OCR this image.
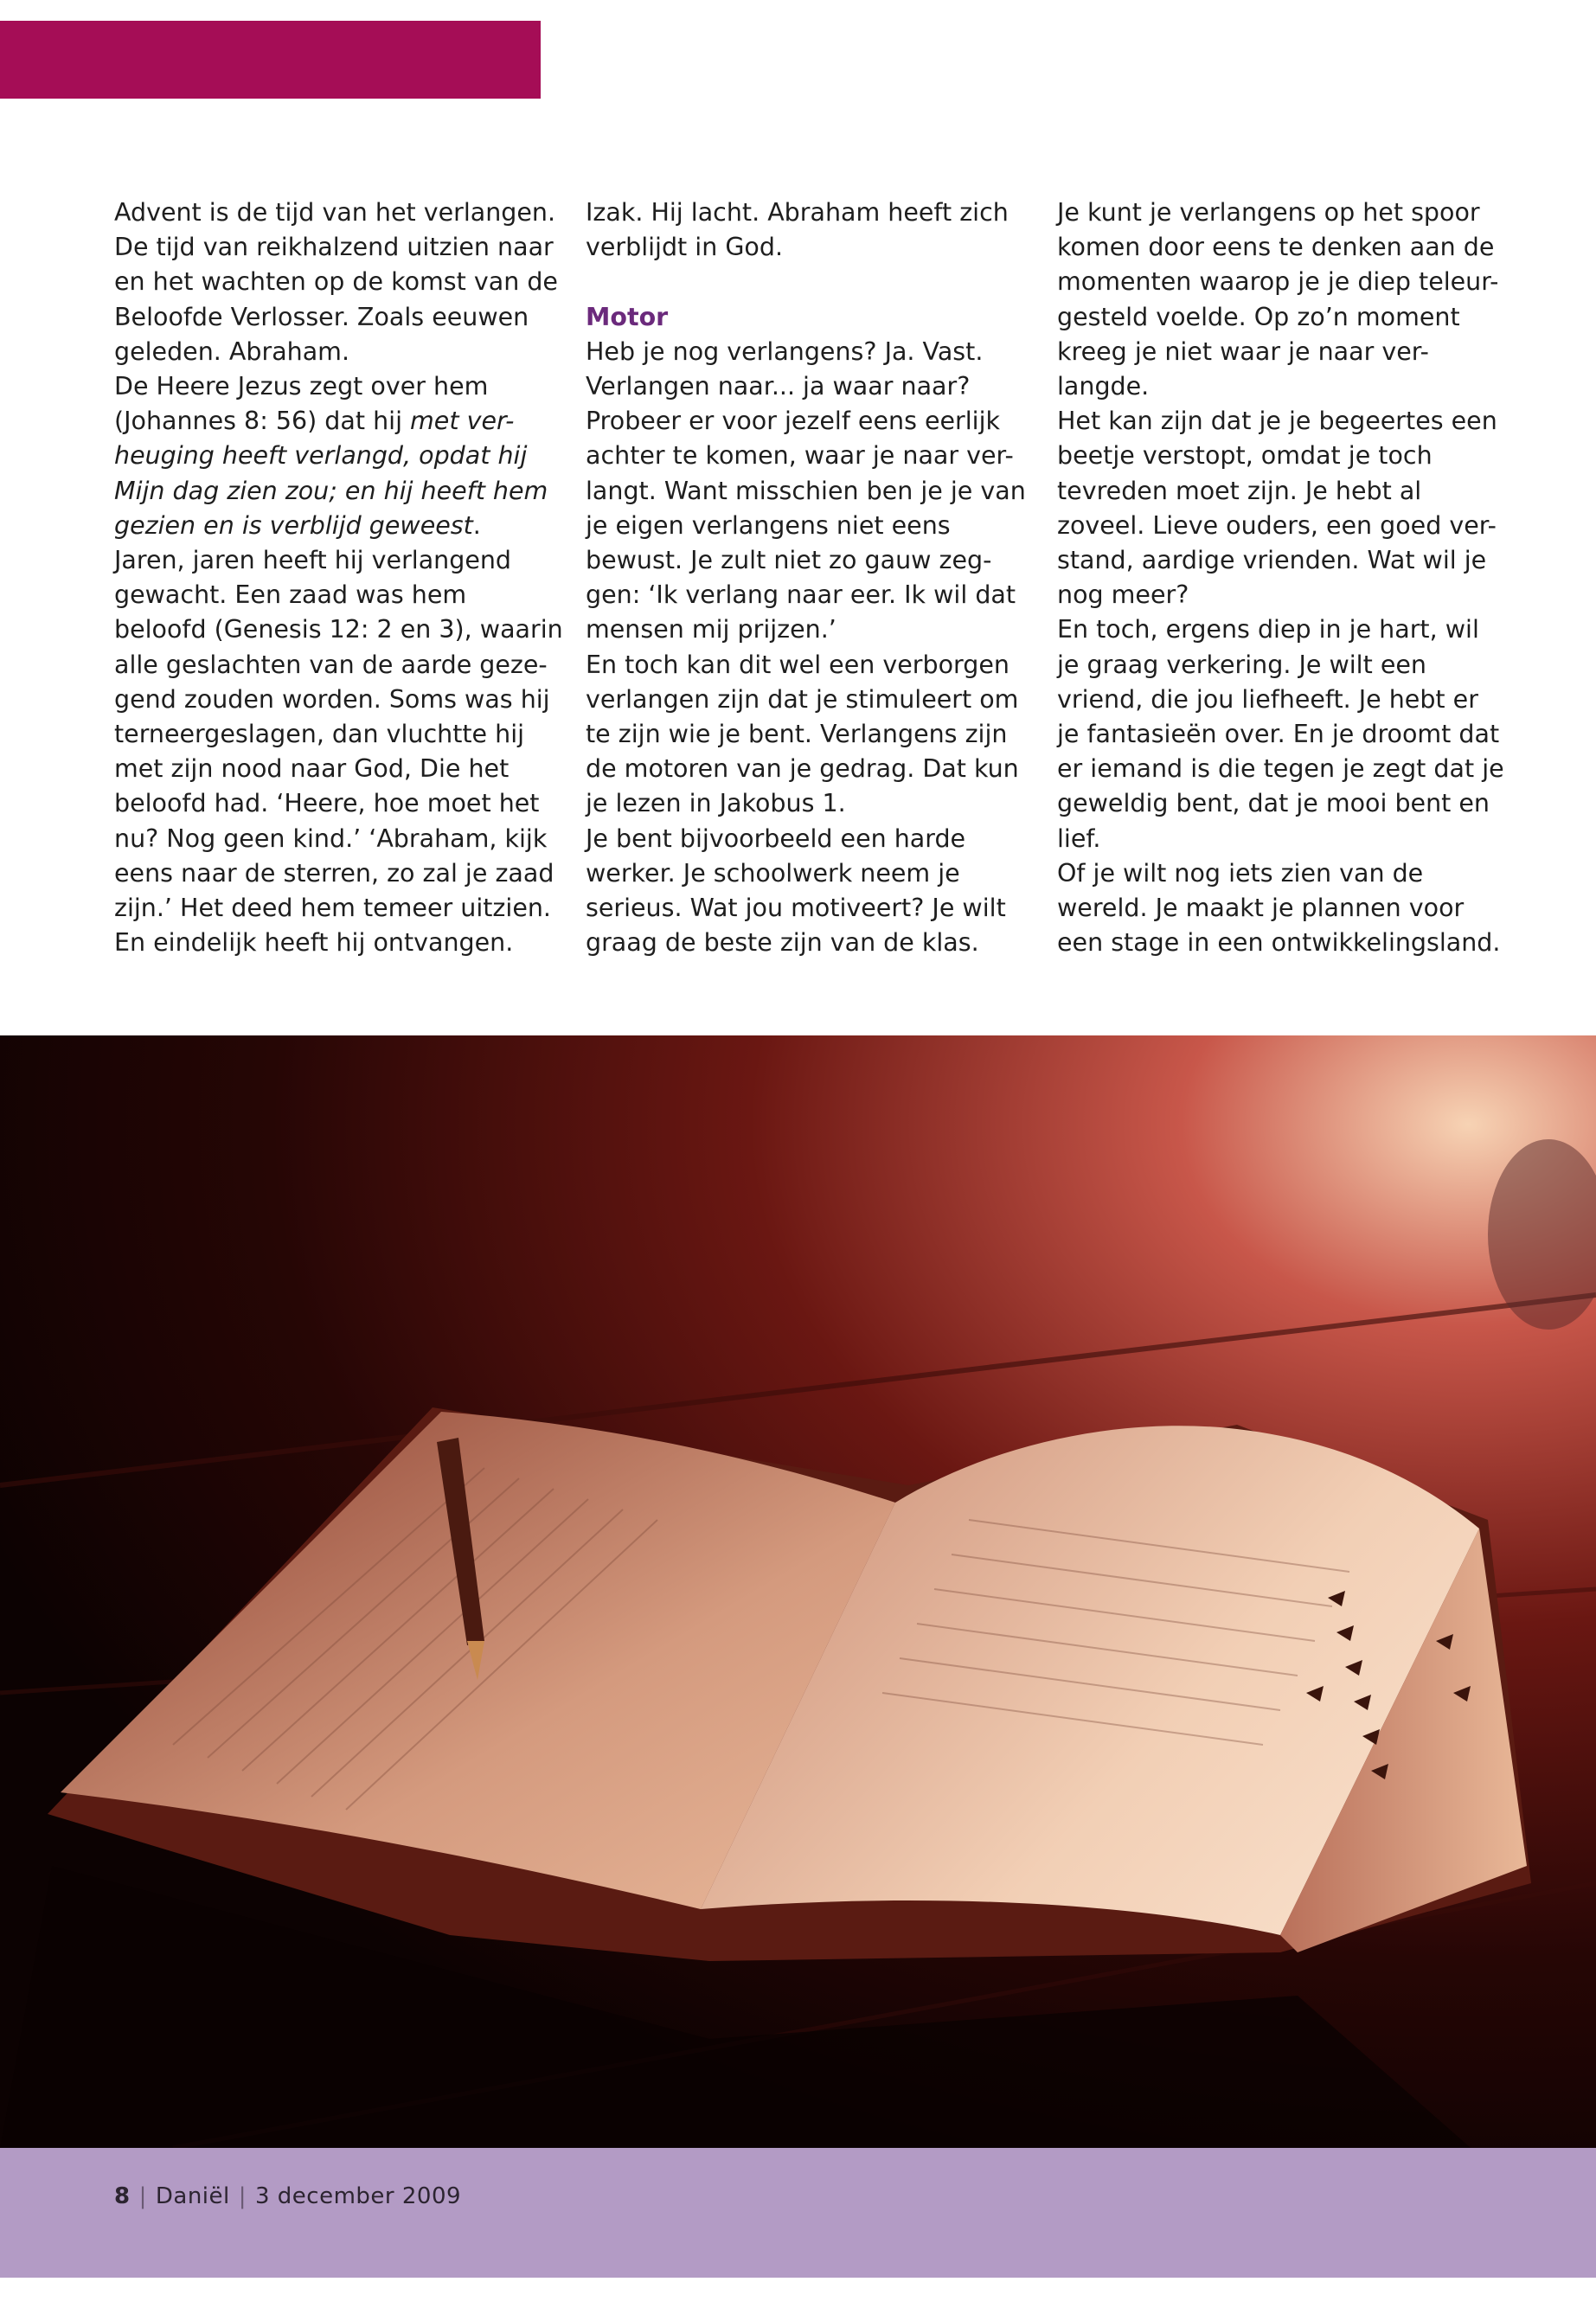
Advent is de tijd van het verlangen.
De tijd van reikhalzend uitzien naar
en het wachten op de komst van de
Beloofde Verlosser. Zoals eeuwen
geleden. Abraham.
De Heere Jezus zegt over hem
(Johannes 8: 56) dat hij met ver-
heuging heeft verlangd, opdat hij
Mijn dag zien zou; en hij heeft hem
gezien en is verblijd geweest.
Jaren, jaren heeft hij verlangend
gewacht. Een zaad was hem
beloofd (Genesis 12: 2 en 3), waarin
alle geslachten van de aarde geze-
gend zouden worden. Soms was hij
terneergeslagen, dan vluchtte hij
met zijn nood naar God, Die het
beloofd had. ‘Heere, hoe moet het
nu? Nog geen kind.’ ‘Abraham, kijk
eens naar de sterren, zo zal je zaad
zijn.’ Het deed hem temeer uitzien.
En eindelijk heeft hij ontvangen.
Izak. Hij lacht. Abraham heeft zich
verblijdt in God.
Motor
Heb je nog verlangens? Ja. Vast.
Verlangen naar... ja waar naar?
Probeer er voor jezelf eens eerlijk
achter te komen, waar je naar ver-
langt. Want misschien ben je je van
je eigen verlangens niet eens
bewust. Je zult niet zo gauw zeg-
gen: ‘Ik verlang naar eer. Ik wil dat
mensen mij prijzen.’
En toch kan dit wel een verborgen
verlangen zijn dat je stimuleert om
te zijn wie je bent. Verlangens zijn
de motoren van je gedrag. Dat kun
je lezen in Jakobus 1.
Je bent bijvoorbeeld een harde
werker. Je schoolwerk neem je
serieus. Wat jou motiveert? Je wilt
graag de beste zijn van de klas.
Je kunt je verlangens op het spoor
komen door eens te denken aan de
momenten waarop je je diep teleur-
gesteld voelde. Op zo’n moment
kreeg je niet waar je naar ver-
langde.
Het kan zijn dat je je begeertes een
beetje verstopt, omdat je toch
tevreden moet zijn. Je hebt al
zoveel. Lieve ouders, een goed ver-
stand, aardige vrienden. Wat wil je
nog meer?
En toch, ergens diep in je hart, wil
je graag verkering. Je wilt een
vriend, die jou liefheeft. Je hebt er
je fantasieën over. En je droomt dat
er iemand is die tegen je zegt dat je
geweldig bent, dat je mooi bent en
lief.
Of je wilt nog iets zien van de
wereld. Je maakt je plannen voor
een stage in een ontwikkelingsland.
8 | Daniël | 3 december 2009
